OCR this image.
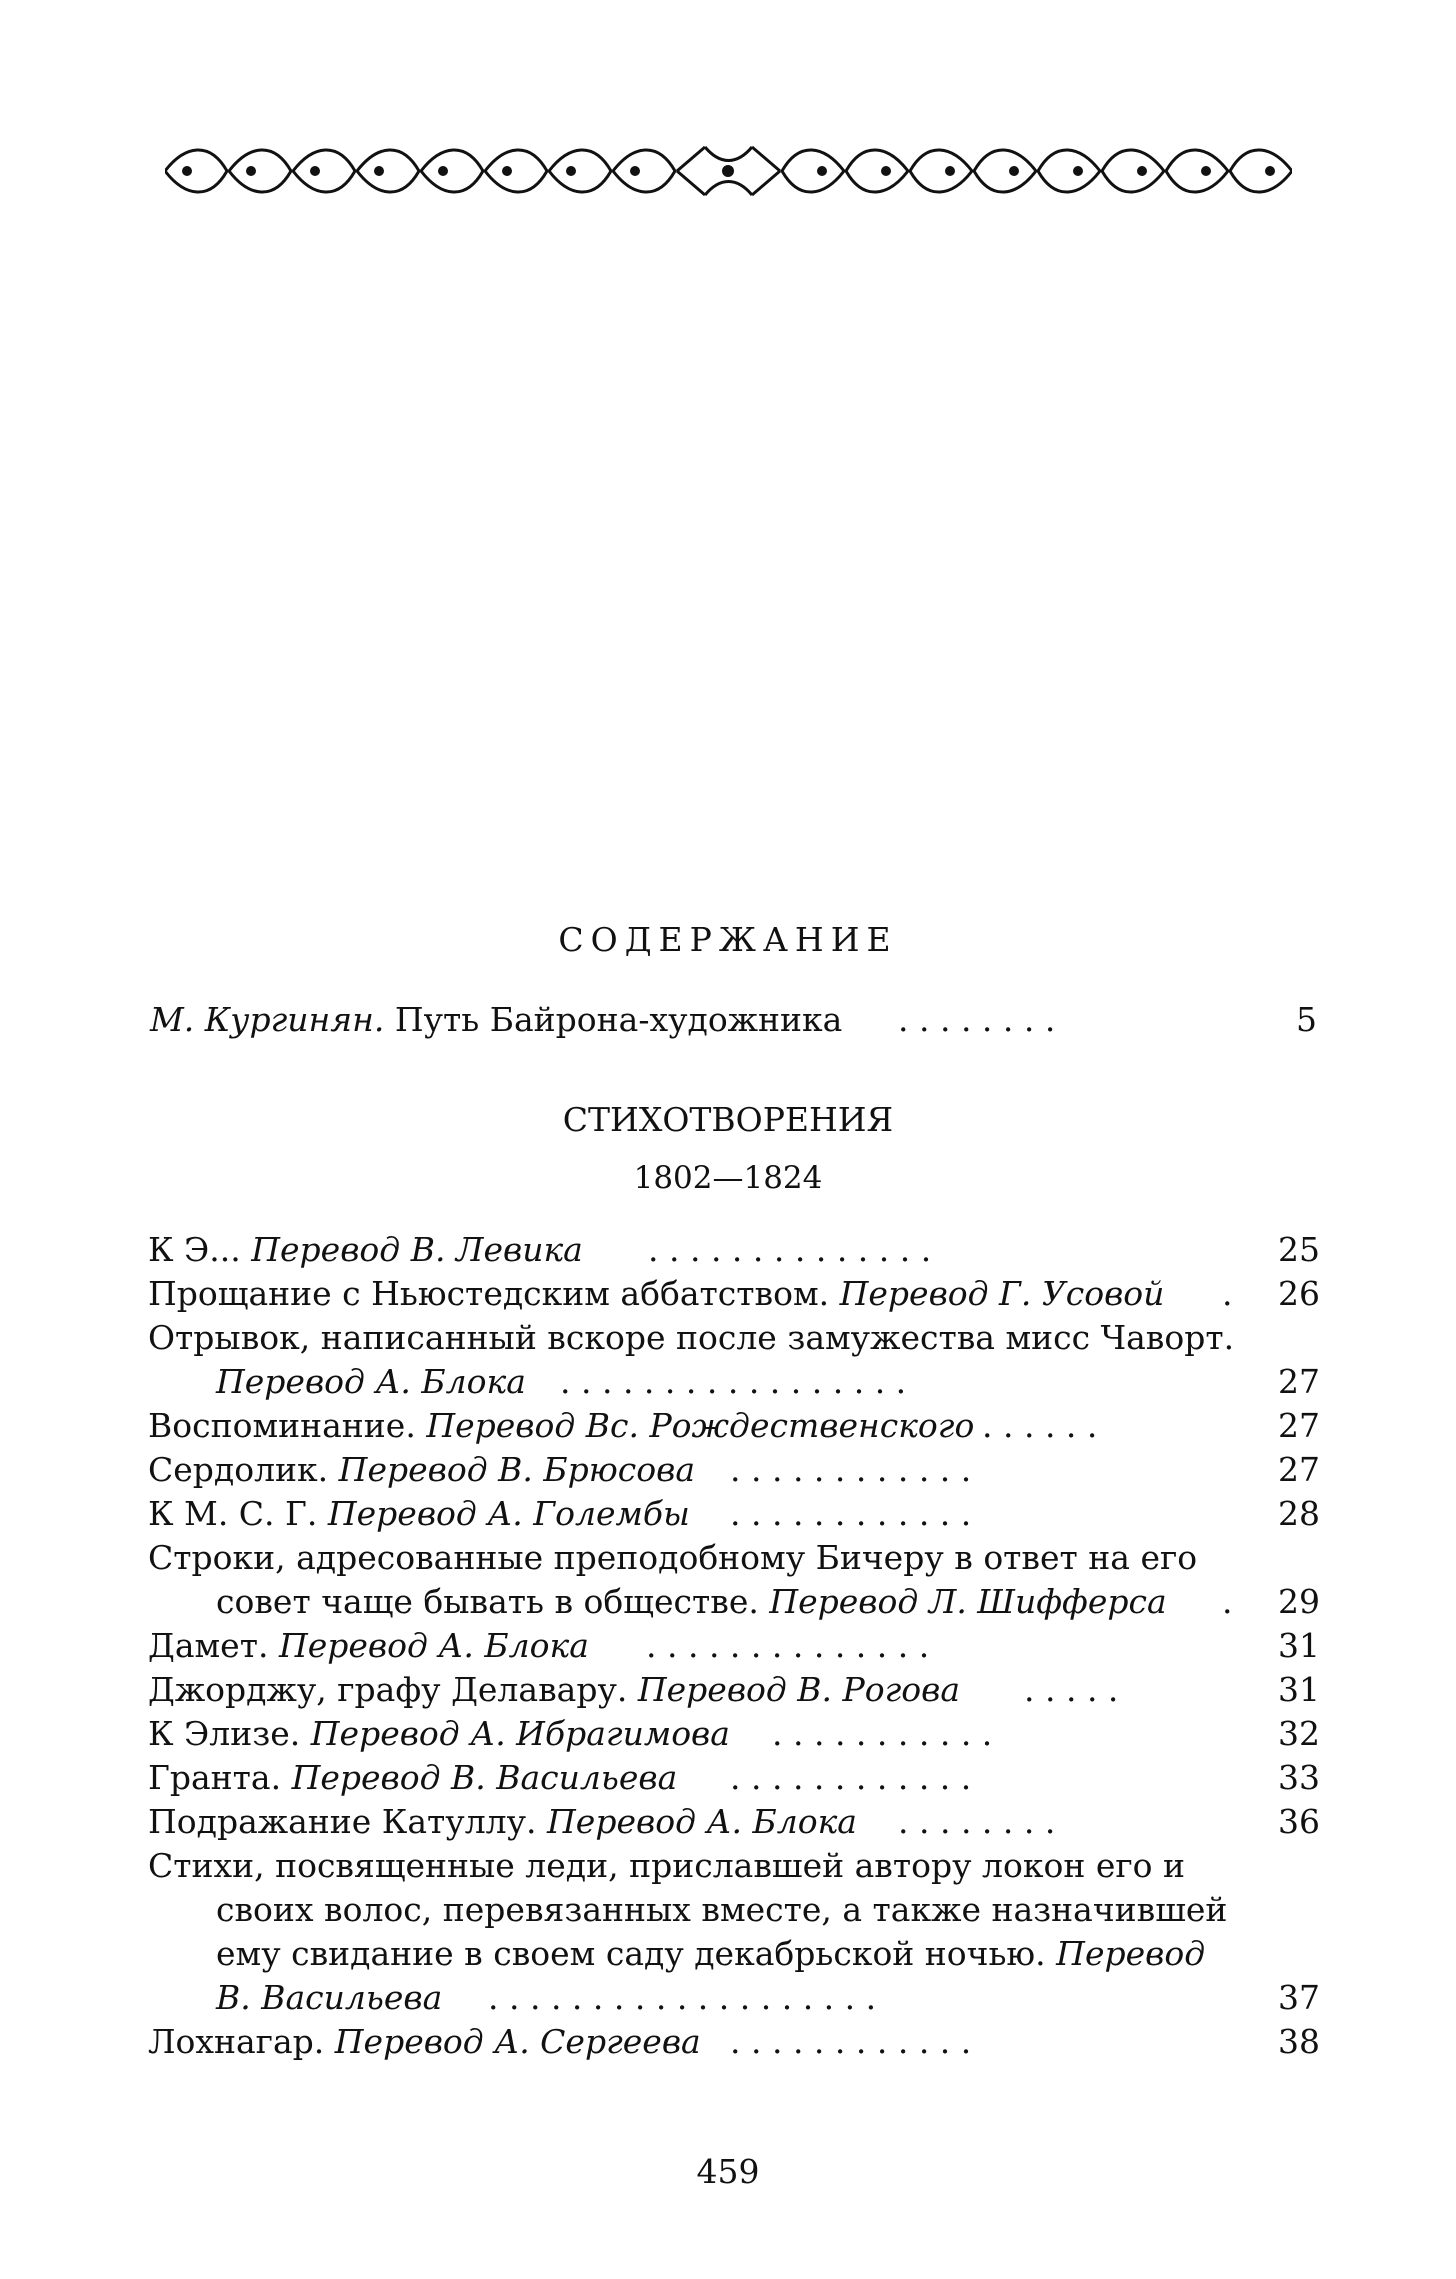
СОДЕРЖАНИЕ
М. Кургинян. Путь Байрона-художника . . . . . . . .	5
СТИХОТВОРЕНИЯ
1802—1824
К Э... Перевод В. Левика . . . . . . . . . . . . . .	25
Прощание с Ньюстедским аббатством. Перевод Г. Усовой . 26
Отрывок, написанный вскоре после замужества мисс Чаворт.
Перевод А. Блока . . . . . . . . . . . . . . . . .	27
Воспоминание. Перевод Вс. Рождественского . . . . . .	27
Сердолик. Перевод В. Брюсова . . . . . . . . . . . .	27
К М. С. Г. Перевод А. Голембы . . . . . . . . . . . .	28
Строки, адресованные преподобному Бичеру в ответ на его
совет чаще бывать в обществе. Перевод Л. Шифферса . 29
Дамет. Перевод А. Блока . . . . . . . . . . . . . .	31
Джорджу, графу Делавару. Перевод В. Рогова . . . . .	31
К Элизе. Перевод А. Ибрагимова . . . . . . . . . . .	32
Гранта. Перевод В. Васильева . . . . . . . . . . . .	33
Подражание Катуллу. Перевод А. Блока . . . . . . . .	36
Стихи, посвященные леди, приславшей автору локон его и
своих волос, перевязанных вместе, а также назначившей
ему свидание в своем саду декабрьской ночью. Перевод
В. Васильева . . . . . . . . . . . . . . . . . . .	37
Лохнагар. Перевод А. Сергеева . . . . . . . . . . . .	38
459
